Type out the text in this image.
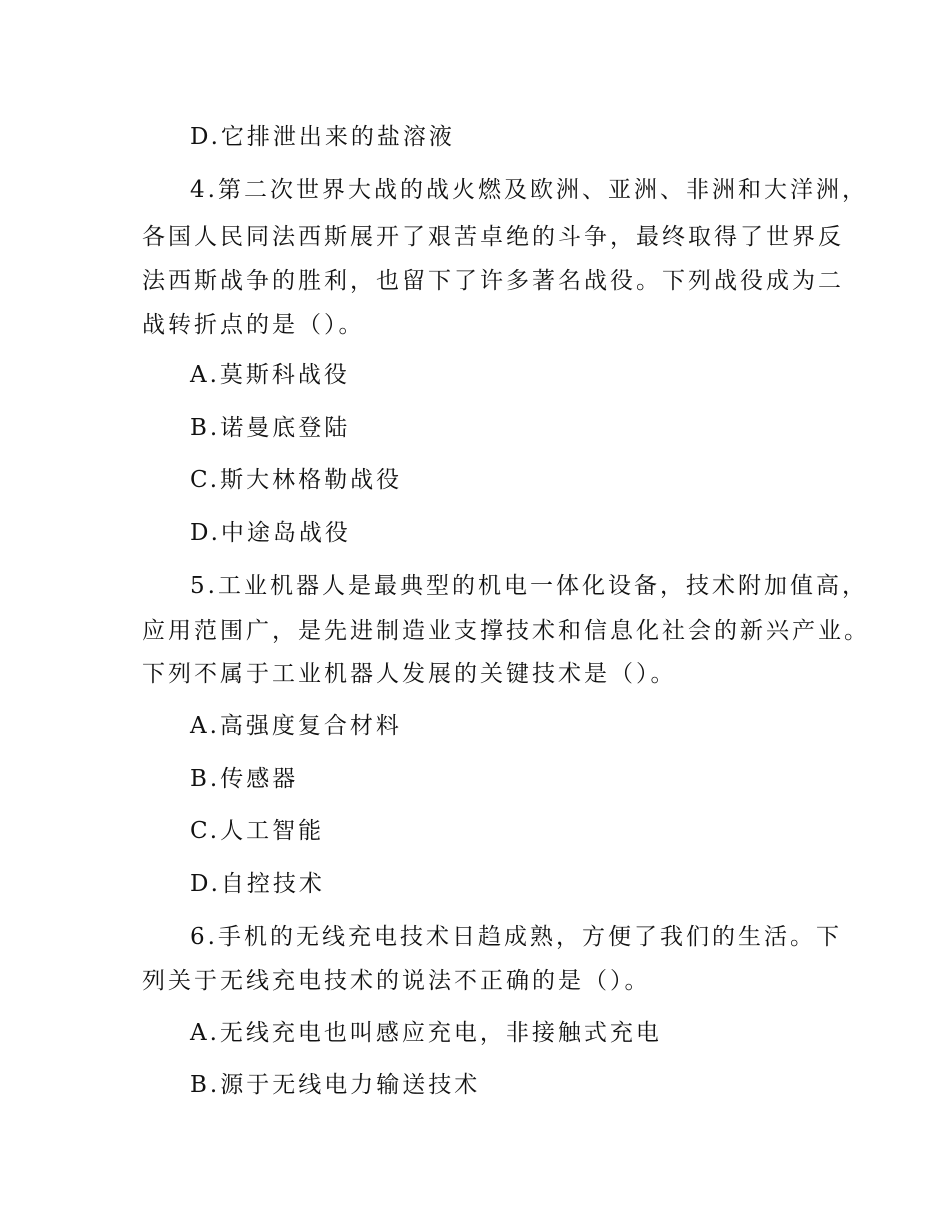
D.它排泄出来的盐溶液
4.第二次世界大战的战火燃及欧洲、亚洲、非洲和大洋洲，
各国人民同法西斯展开了艰苦卓绝的斗争，最终取得了世界反
法西斯战争的胜利，也留下了许多著名战役。下列战役成为二
战转折点的是（）。
A.莫斯科战役
B.诺曼底登陆
C.斯大林格勒战役
D.中途岛战役
5.工业机器人是最典型的机电一体化设备，技术附加值高，
应用范围广，是先进制造业支撑技术和信息化社会的新兴产业。
下列不属于工业机器人发展的关键技术是（）。
A.高强度复合材料
B.传感器
C.人工智能
D.自控技术
6.手机的无线充电技术日趋成熟，方便了我们的生活。下
列关于无线充电技术的说法不正确的是（）。
A.无线充电也叫感应充电，非接触式充电
B.源于无线电力输送技术
